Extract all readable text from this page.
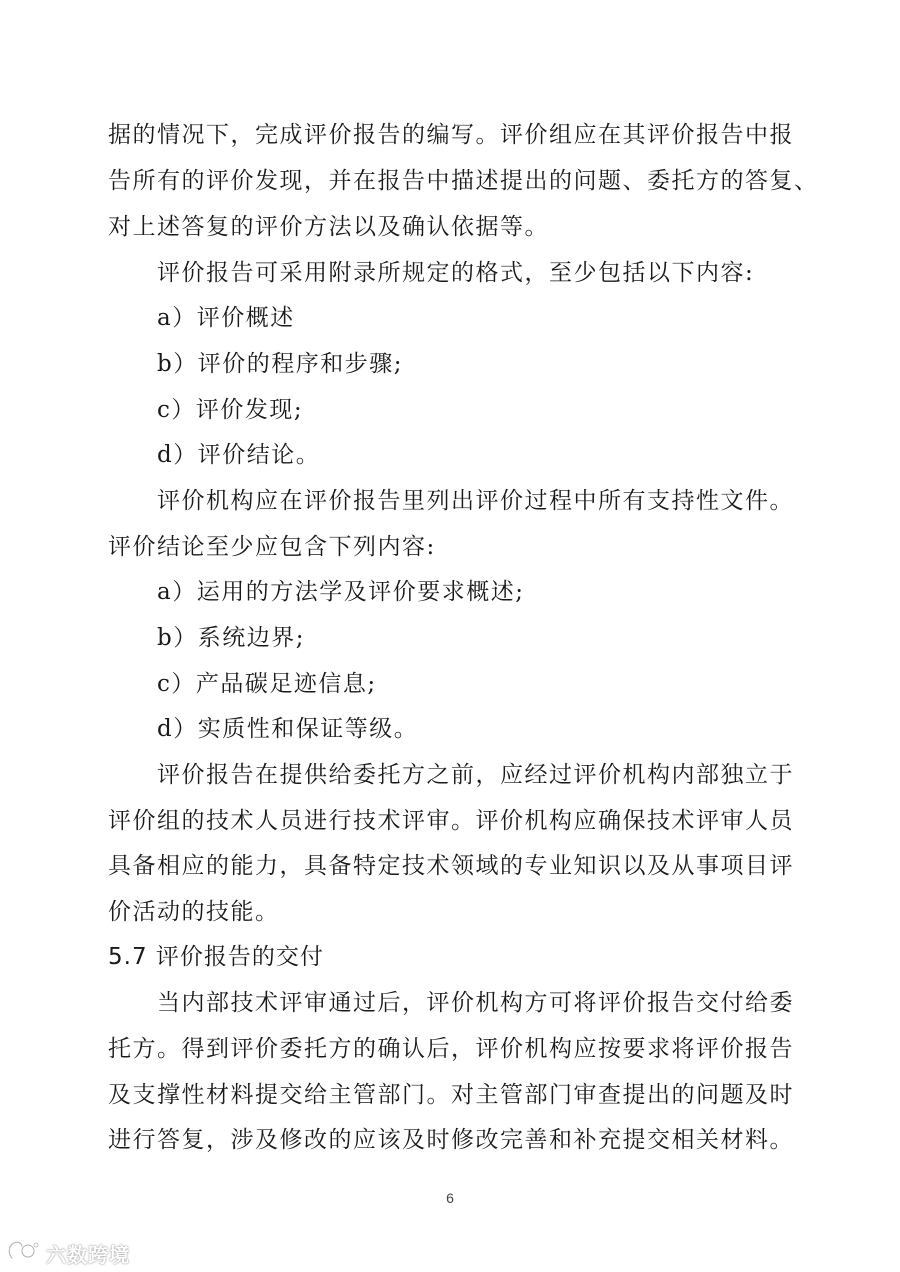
据的情况下，完成评价报告的编写。评价组应在其评价报告中报
告所有的评价发现，并在报告中描述提出的问题、委托方的答复、
对上述答复的评价方法以及确认依据等。
评价报告可采用附录所规定的格式，至少包括以下内容:
a）评价概述
b）评价的程序和步骤;
c）评价发现;
d）评价结论。
评价机构应在评价报告里列出评价过程中所有支持性文件。
评价结论至少应包含下列内容:
a）运用的方法学及评价要求概述;
b）系统边界;
c）产品碳足迹信息;
d）实质性和保证等级。
评价报告在提供给委托方之前，应经过评价机构内部独立于
评价组的技术人员进行技术评审。评价机构应确保技术评审人员
具备相应的能力，具备特定技术领域的专业知识以及从事项目评
价活动的技能。
5.7 评价报告的交付
当内部技术评审通过后，评价机构方可将评价报告交付给委
托方。得到评价委托方的确认后，评价机构应按要求将评价报告
及支撑性材料提交给主管部门。对主管部门审查提出的问题及时
进行答复，涉及修改的应该及时修改完善和补充提交相关材料。
6
六数跨境
